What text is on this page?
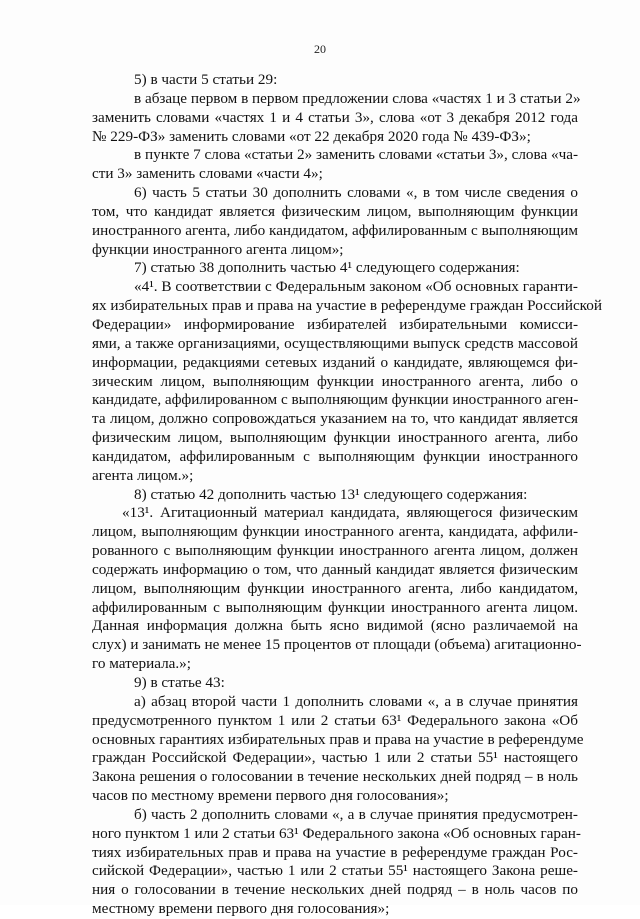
20
5) в части 5 статьи 29:
в абзаце первом в первом предложении слова «частях 1 и 3 статьи 2»
заменить словами «частях 1 и 4 статьи 3», слова «от 3 декабря 2012 года
№ 229-ФЗ» заменить словами «от 22 декабря 2020 года № 439-ФЗ»;
в пункте 7 слова «статьи 2» заменить словами «статьи 3», слова «ча-
сти 3» заменить словами «части 4»;
6) часть 5 статьи 30 дополнить словами «, в том числе сведения о
том, что кандидат является физическим лицом, выполняющим функции
иностранного агента, либо кандидатом, аффилированным с выполняющим
функции иностранного агента лицом»;
7) статью 38 дополнить частью 4¹ следующего содержания:
«4¹. В соответствии с Федеральным законом «Об основных гаранти-
ях избирательных прав и права на участие в референдуме граждан Российской
Федерации» информирование избирателей избирательными комисси-
ями, а также организациями, осуществляющими выпуск средств массовой
информации, редакциями сетевых изданий о кандидате, являющемся фи-
зическим лицом, выполняющим функции иностранного агента, либо о
кандидате, аффилированном с выполняющим функции иностранного аген-
та лицом, должно сопровождаться указанием на то, что кандидат является
физическим лицом, выполняющим функции иностранного агента, либо
кандидатом, аффилированным с выполняющим функции иностранного
агента лицом.»;
8) статью 42 дополнить частью 13¹ следующего содержания:
«13¹. Агитационный материал кандидата, являющегося физическим
лицом, выполняющим функции иностранного агента, кандидата, аффили-
рованного с выполняющим функции иностранного агента лицом, должен
содержать информацию о том, что данный кандидат является физическим
лицом, выполняющим функции иностранного агента, либо кандидатом,
аффилированным с выполняющим функции иностранного агента лицом.
Данная информация должна быть ясно видимой (ясно различаемой на
слух) и занимать не менее 15 процентов от площади (объема) агитационно-
го материала.»;
9) в статье 43:
а) абзац второй части 1 дополнить словами «, а в случае принятия
предусмотренного пунктом 1 или 2 статьи 63¹ Федерального закона «Об
основных гарантиях избирательных прав и права на участие в референдуме
граждан Российской Федерации», частью 1 или 2 статьи 55¹ настоящего
Закона решения о голосовании в течение нескольких дней подряд – в ноль
часов по местному времени первого дня голосования»;
б) часть 2 дополнить словами «, а в случае принятия предусмотрен-
ного пунктом 1 или 2 статьи 63¹ Федерального закона «Об основных гаран-
тиях избирательных прав и права на участие в референдуме граждан Рос-
сийской Федерации», частью 1 или 2 статьи 55¹ настоящего Закона реше-
ния о голосовании в течение нескольких дней подряд – в ноль часов по
местному времени первого дня голосования»;
